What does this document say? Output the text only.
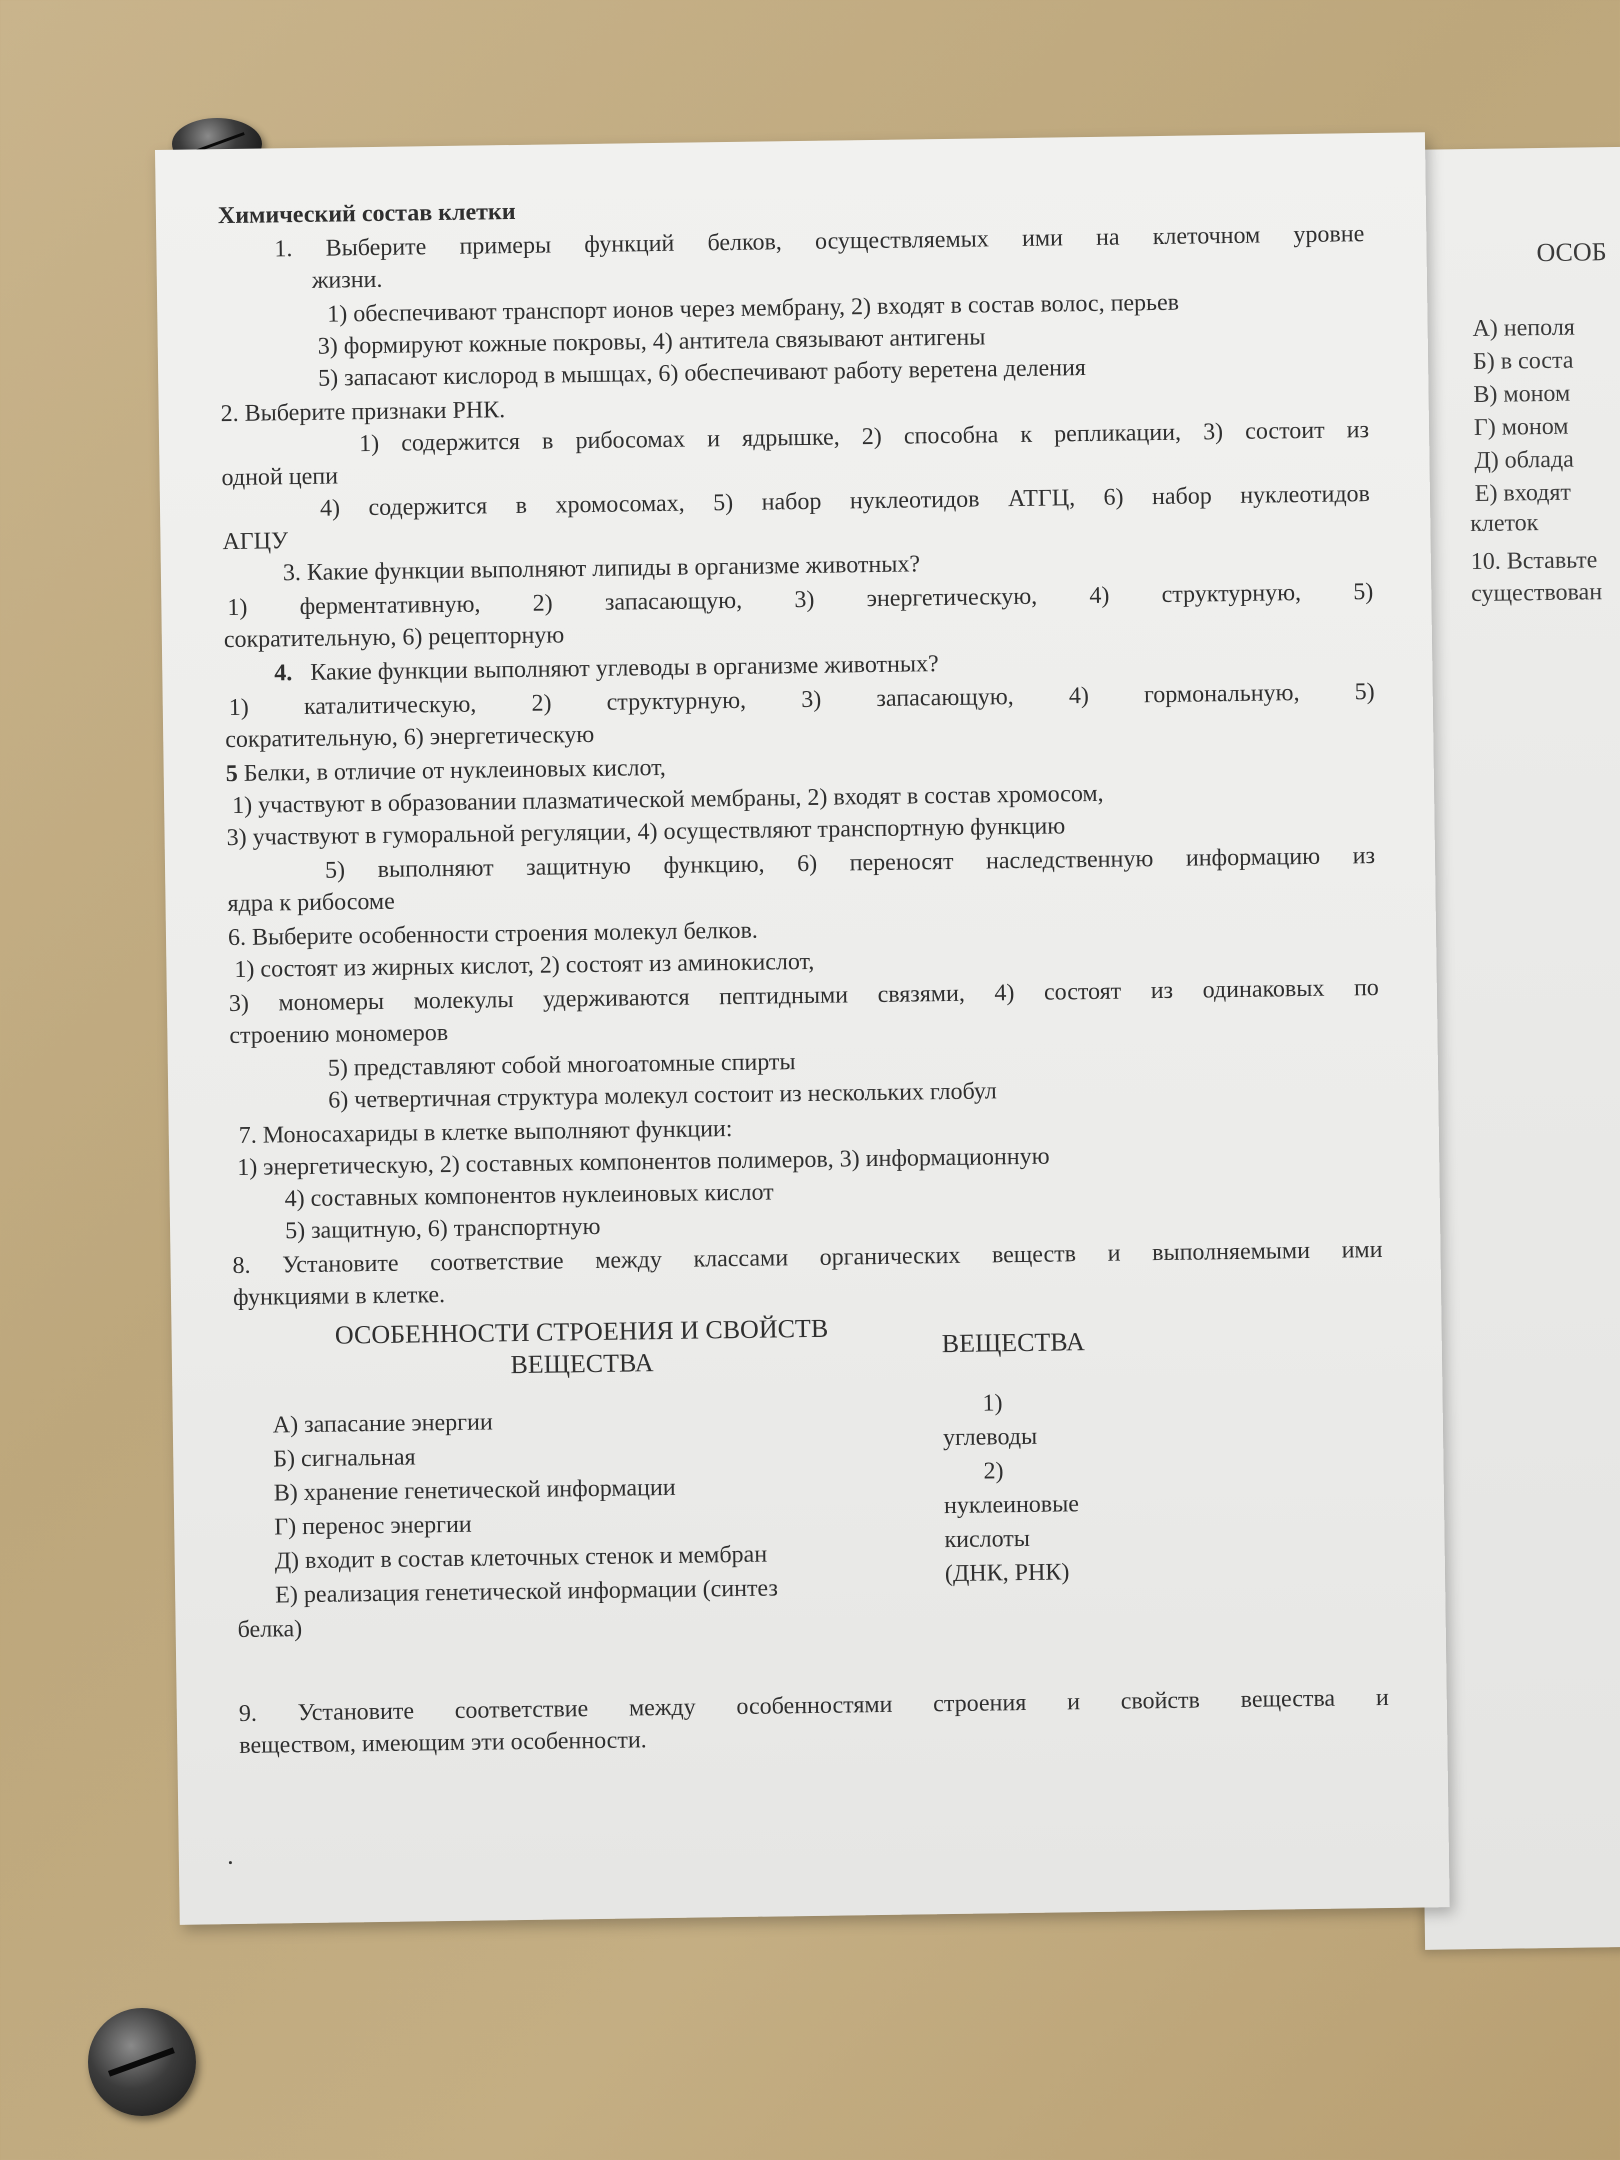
ОСОБ
А) неполя
Б) в соста
В) моном
Г) моном
Д) облада
Е) входят
клеток
10. Вставьте
существован
Химический состав клетки
1. Выберите примеры функций белков, осуществляемых ими на клеточном уровне
жизни.
1) обеспечивают транспорт ионов через мембрану, 2) входят в состав волос, перьев
3) формируют кожные покровы, 4) антитела связывают антигены
5) запасают кислород в мышцах, 6) обеспечивают работу веретена деления
2. Выберите признаки РНК.
1) содержится в рибосомах и ядрышке, 2) способна к репликации, 3) состоит из
одной цепи
4) содержится в хромосомах, 5) набор нуклеотидов АТГЦ, 6) набор нуклеотидов
АГЦУ
3. Какие функции выполняют липиды в организме животных?
1) ферментативную, 2) запасающую, 3) энергетическую, 4) структурную, 5)
сократительную, 6) рецепторную
4. Какие функции выполняют углеводы в организме животных?
1) каталитическую, 2) структурную, 3) запасающую, 4) гормональную, 5)
сократительную, 6) энергетическую
5 Белки, в отличие от нуклеиновых кислот,
1) участвуют в образовании плазматической мембраны, 2) входят в состав хромосом,
3) участвуют в гуморальной регуляции, 4) осуществляют транспортную функцию
5) выполняют защитную функцию, 6) переносят наследственную информацию из
ядра к рибосоме
6. Выберите особенности строения молекул белков.
1) состоят из жирных кислот, 2) состоят из аминокислот,
3) мономеры молекулы удерживаются пептидными связями, 4) состоят из одинаковых по
строению мономеров
5) представляют собой многоатомные спирты
6) четвертичная структура молекул состоит из нескольких глобул
7. Моносахариды в клетке выполняют функции:
1) энергетическую, 2) составных компонентов полимеров, 3) информационную
4) составных компонентов нуклеиновых кислот
5) защитную, 6) транспортную
8. Установите соответствие между классами органических веществ и выполняемыми ими
функциями в клетке.
ОСОБЕННОСТИ СТРОЕНИЯ И СВОЙСТВ ВЕЩЕСТВА
ВЕЩЕСТВА
А) запасание энергии
Б) сигнальная
В) хранение генетической информации
Г) перенос энергии
Д) входит в состав клеточных стенок и мембран
Е) реализация генетической информации (синтез
белка)
1)
углеводы
2)
нуклеиновые
кислоты
(ДНК, РНК)
9. Установите соответствие между особенностями строения и свойств вещества и
веществом, имеющим эти особенности.
